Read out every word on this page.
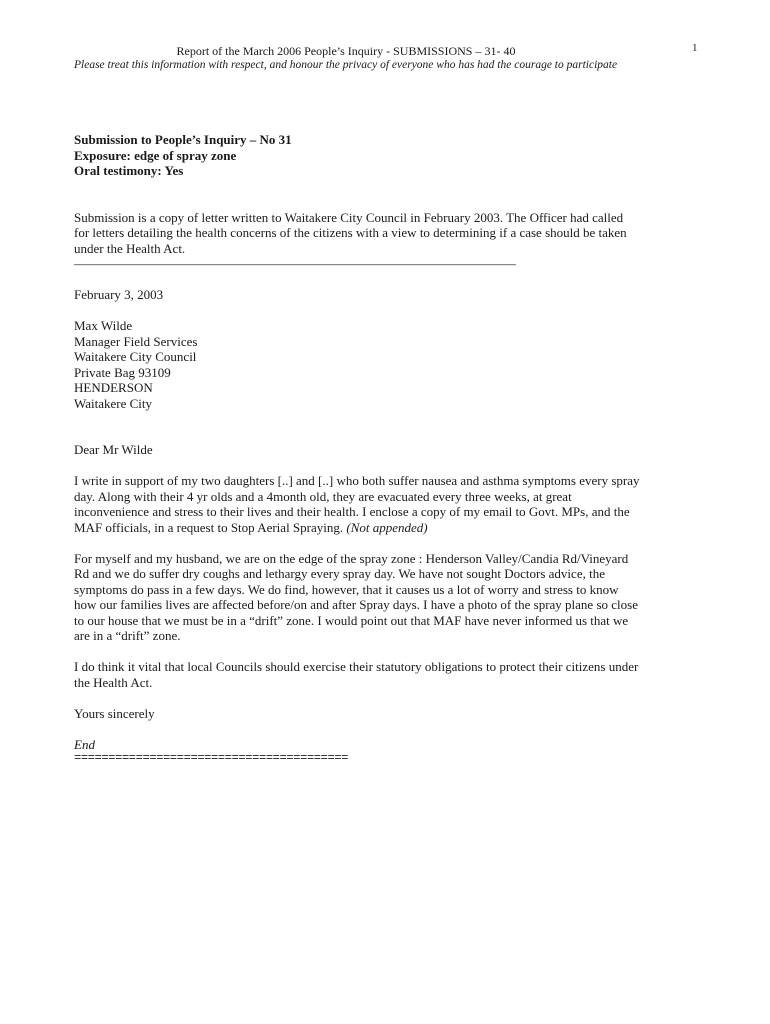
Report of the March 2006 People’s Inquiry - SUBMISSIONS – 31- 40
Please treat this information with respect, and honour the privacy of everyone who has had the courage to participate
1
Submission to People’s Inquiry – No 31
Exposure: edge of spray zone
Oral testimony: Yes
Submission is a copy of letter written to Waitakere City Council in February 2003. The Officer had called
for letters detailing the health concerns of the citizens with a view to determining if a case should be taken
under the Health Act.
——————————————————————————————————
February 3, 2003
Max Wilde
Manager Field Services
Waitakere City Council
Private Bag 93109
HENDERSON
Waitakere City
Dear Mr Wilde
I write in support of my two daughters [..] and [..] who both suffer nausea and asthma symptoms every spray
day. Along with their 4 yr olds and a 4month old, they are evacuated every three weeks, at great
inconvenience and stress to their lives and their health. I enclose a copy of my email to Govt. MPs, and the
MAF officials, in a request to Stop Aerial Spraying. (Not appended)
For myself and my husband, we are on the edge of the spray zone : Henderson Valley/Candia Rd/Vineyard
Rd and we do suffer dry coughs and lethargy every spray day. We have not sought Doctors advice, the
symptoms do pass in a few days. We do find, however, that it causes us a lot of worry and stress to know
how our families lives are affected before/on and after Spray days. I have a photo of the spray plane so close
to our house that we must be in a “drift” zone. I would point out that MAF have never informed us that we
are in a “drift” zone.
I do think it vital that local Councils should exercise their statutory obligations to protect their citizens under
the Health Act.
Yours sincerely
End
========================================
